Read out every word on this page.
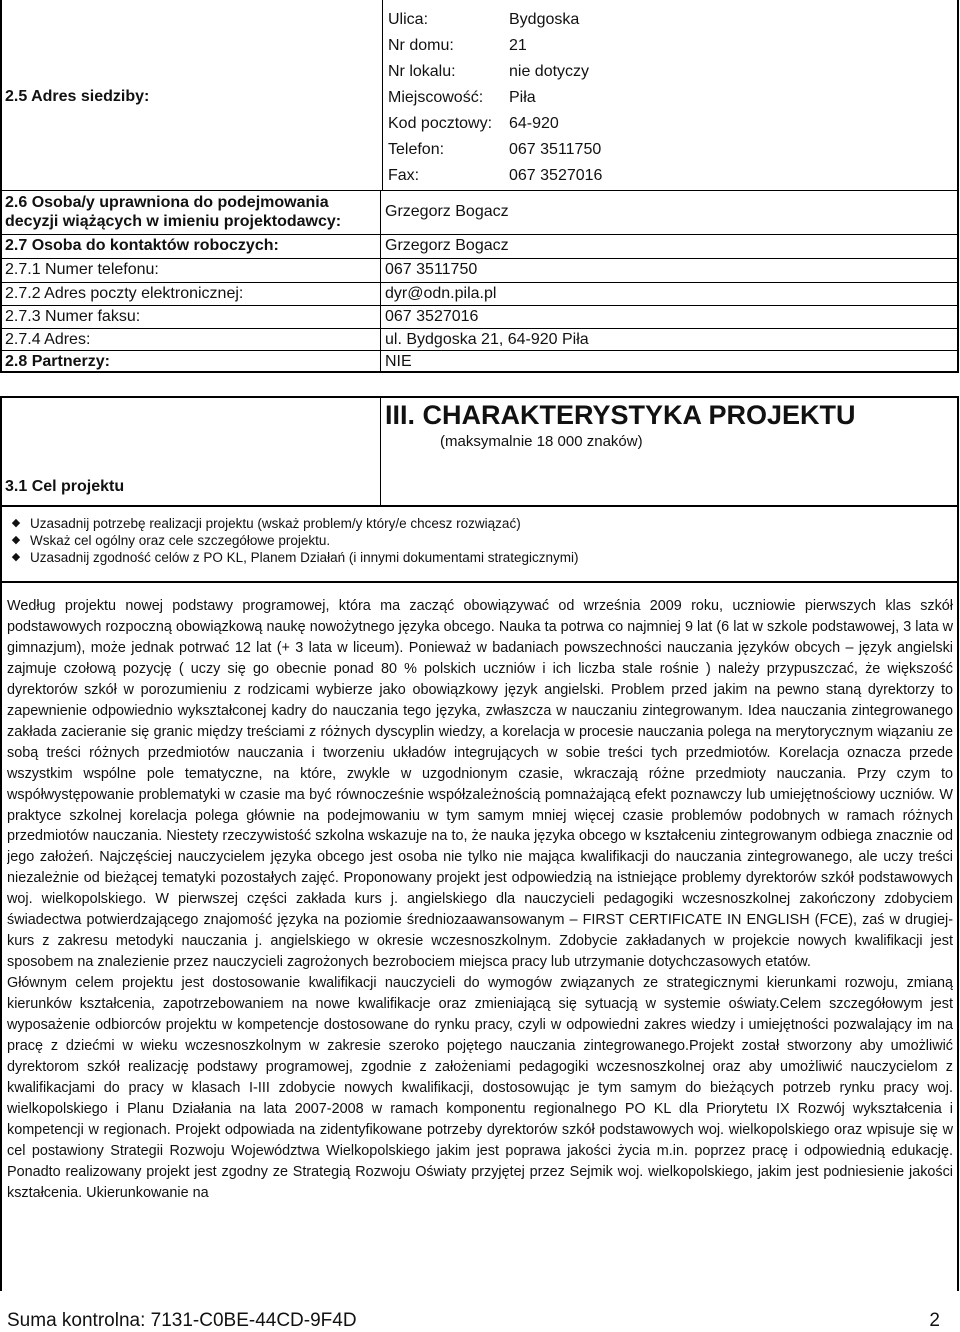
2.5 Adres siedziby:
Ulica:	Bydgoska
Nr domu:	21
Nr lokalu:	nie dotyczy
Miejscowość: Piła
Kod pocztowy: 64-920
Telefon:	067 3511750
Fax:	067 3527016
2.6 Osoba/y uprawniona do podejmowania
decyzji wiążących w imieniu projektodawcy:
Grzegorz Bogacz
2.7 Osoba do kontaktów roboczych:	Grzegorz Bogacz
2.7.1 Numer telefonu:	067 3511750
2.7.2 Adres poczty elektronicznej:	dyr@odn.pila.pl
2.7.3 Numer faksu:	067 3527016
2.7.4 Adres:	ul. Bydgoska 21, 64-920 Piła
2.8 Partnerzy:	NIE
III. CHARAKTERYSTYKA PROJEKTU
(maksymalnie 18 000 znaków)
3.1 Cel projektu
◆ Uzasadnij potrzebę realizacji projektu (wskaż problem/y który/e chcesz rozwiązać)
◆ Wskaż cel ogólny oraz cele szczegółowe projektu.
◆ Uzasadnij zgodność celów z PO KL, Planem Działań (i innymi dokumentami strategicznymi)

Według projektu nowej podstawy programowej, która ma zacząć obowiązywać od września 2009 roku, uczniowie pierwszych klas szkół podstawowych rozpoczną obowiązkową naukę nowożytnego języka obcego. Nauka ta potrwa co najmniej 9 lat (6 lat w szkole podstawowej, 3 lata w gimnazjum), może jednak potrwać 12 lat (+ 3 lata w liceum). Ponieważ w badaniach powszechności nauczania języków obcych – język angielski zajmuje czołową pozycję ( uczy się go obecnie ponad 80 % polskich uczniów i ich liczba stale rośnie ) należy przypuszczać, że większość dyrektorów szkół w porozumieniu z rodzicami wybierze jako obowiązkowy język angielski. Problem przed jakim na pewno staną dyrektorzy to zapewnienie odpowiednio wykształconej kadry do nauczania tego języka, zwłaszcza w nauczaniu zintegrowanym. Idea nauczania zintegrowanego zakłada zacieranie się granic między treściami z różnych dyscyplin wiedzy, a korelacja w procesie nauczania polega na merytorycznym wiązaniu ze sobą treści różnych przedmiotów nauczania i tworzeniu układów integrujących w sobie treści tych przedmiotów. Korelacja oznacza przede wszystkim wspólne pole tematyczne, na które, zwykle w uzgodnionym czasie, wkraczają różne przedmioty nauczania. Przy czym to współwystępowanie problematyki w czasie ma być równocześnie współzależnością pomnażającą efekt poznawczy lub umiejętnościowy uczniów. W praktyce szkolnej korelacja polega głównie na podejmowaniu w tym samym mniej więcej czasie problemów podobnych w ramach różnych przedmiotów nauczania. Niestety rzeczywistość szkolna wskazuje na to, że nauka języka obcego w kształceniu zintegrowanym odbiega znacznie od jego założeń. Najczęściej nauczycielem języka obcego jest osoba nie tylko nie mająca kwalifikacji do nauczania zintegrowanego, ale uczy treści niezależnie od bieżącej tematyki pozostałych zajęć. Proponowany projekt jest odpowiedzią na istniejące problemy dyrektorów szkół podstawowych woj. wielkopolskiego. W pierwszej części zakłada kurs j. angielskiego dla nauczycieli pedagogiki wczesnoszkolnej zakończony zdobyciem świadectwa potwierdzającego znajomość języka na poziomie średniozaawansowanym – FIRST CERTIFICATE IN ENGLISH (FCE), zaś w drugiej-kurs z zakresu metodyki nauczania j. angielskiego w okresie wczesnoszkolnym. Zdobycie zakładanych w projekcie nowych kwalifikacji jest sposobem na znalezienie przez nauczycieli zagrożonych bezrobociem miejsca pracy lub utrzymanie dotychczasowych etatów.

Głównym celem projektu jest dostosowanie kwalifikacji nauczycieli do wymogów związanych ze strategicznymi kierunkami rozwoju, zmianą kierunków kształcenia, zapotrzebowaniem na nowe kwalifikacje oraz zmieniającą się sytuacją w systemie oświaty.Celem szczegółowym jest wyposażenie odbiorców projektu w kompetencje dostosowane do rynku pracy, czyli w odpowiedni zakres wiedzy i umiejętności pozwalający im na pracę z dziećmi w wieku wczesnoszkolnym w zakresie szeroko pojętego nauczania zintegrowanego.Projekt został stworzony aby umożliwić dyrektorom szkół realizację podstawy programowej, zgodnie z założeniami pedagogiki wczesnoszkolnej oraz aby umożliwić nauczycielom z kwalifikacjami do pracy w klasach I-III zdobycie nowych kwalifikacji, dostosowując je tym samym do bieżących potrzeb rynku pracy woj. wielkopolskiego i Planu Działania na lata 2007-2008 w ramach komponentu regionalnego PO KL dla Priorytetu IX Rozwój wykształcenia i kompetencji w regionach. Projekt odpowiada na zidentyfikowane potrzeby dyrektorów szkół podstawowych woj. wielkopolskiego oraz wpisuje się w cel postawiony Strategii Rozwoju Województwa Wielkopolskiego jakim jest poprawa jakości życia m.in. poprzez pracę i odpowiednią edukację. Ponadto realizowany projekt jest zgodny ze Strategią Rozwoju Oświaty przyjętej przez Sejmik woj. wielkopolskiego, jakim jest podniesienie jakości kształcenia. Ukierunkowanie na

Suma kontrolna: 7131-C0BE-44CD-9F4D	2
